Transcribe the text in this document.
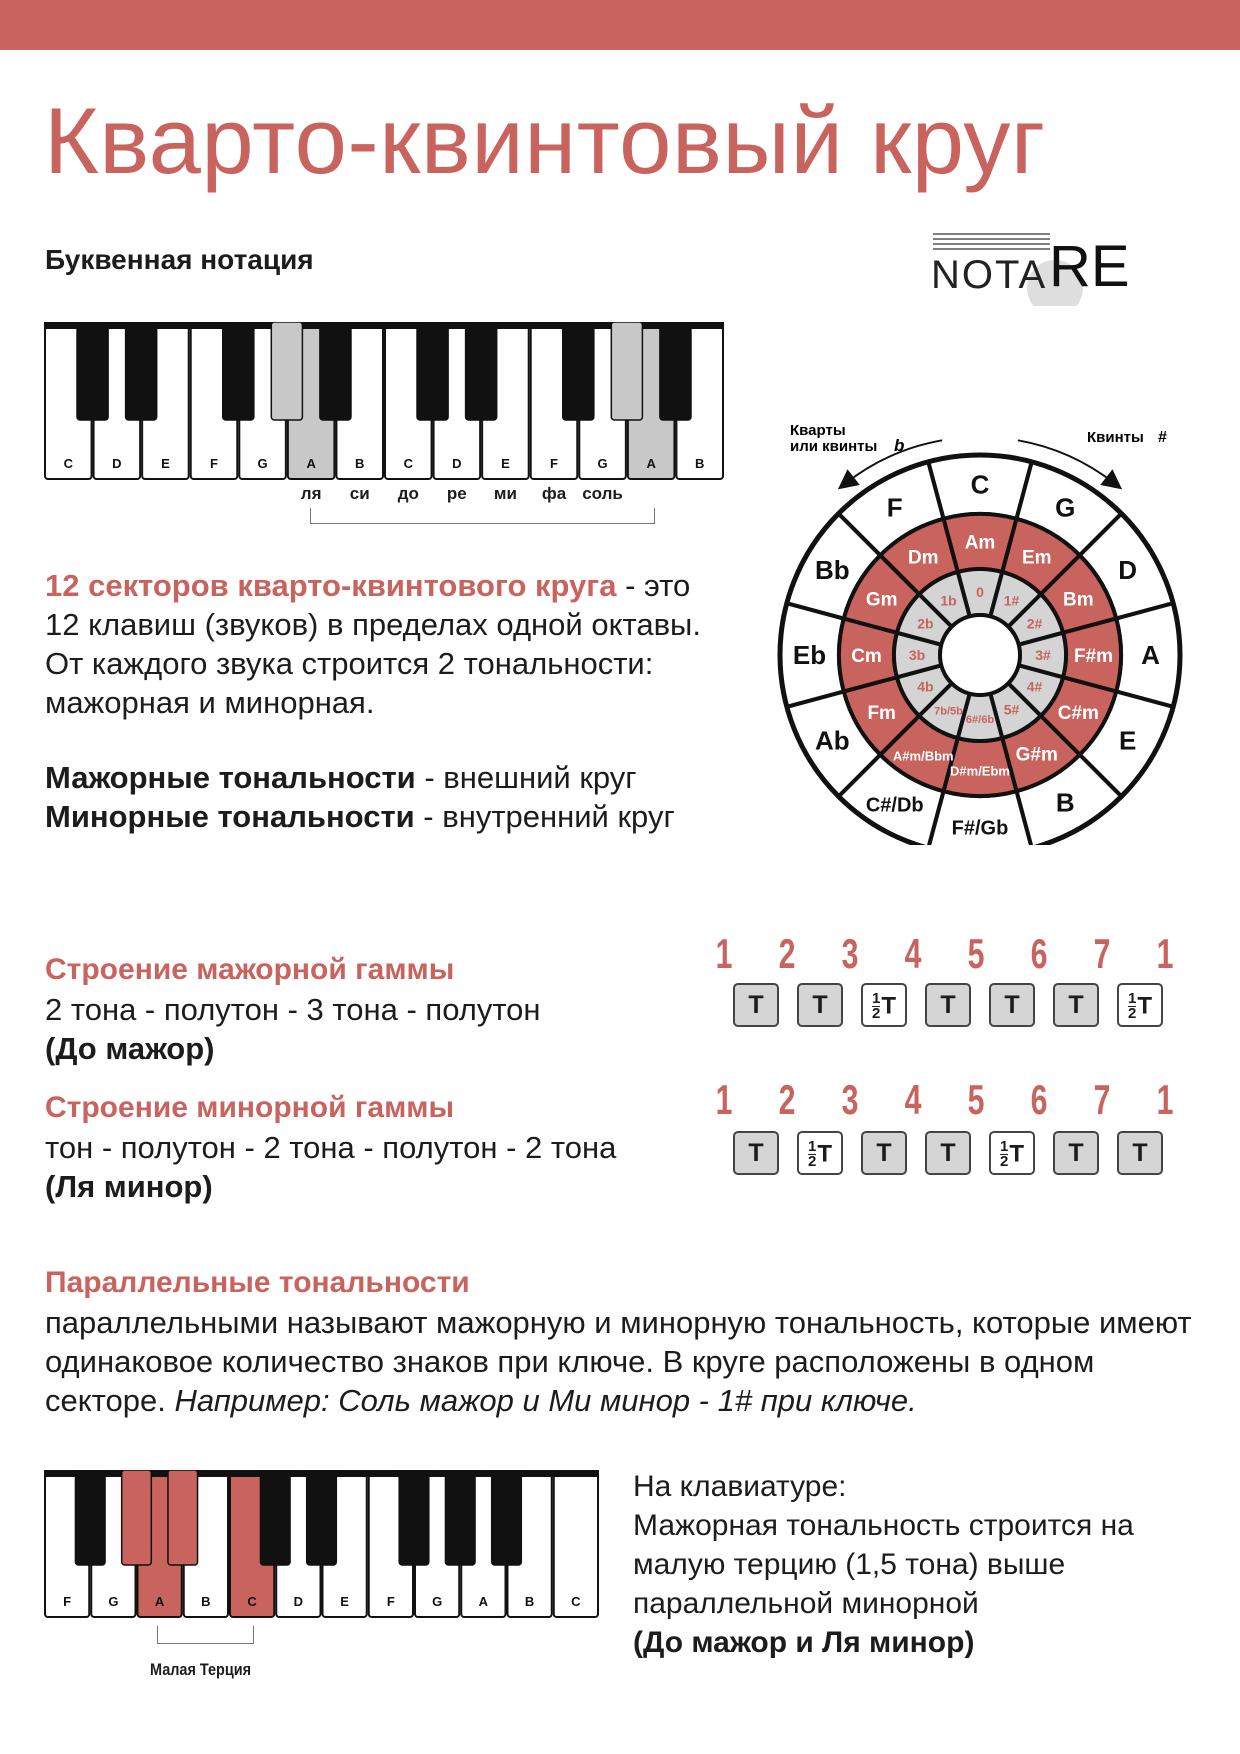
Кварто-квинтовый круг
Буквенная нотация	NOTA RE
C	D	E	F	G	A	B	C	D	E	F	G	A	B
ля	си	до	ре	ми	фа соль
12 секторов кварто-квинтового круга - это 12 клавиш (звуков) в пределах одной октавы. От каждого звука строится 2 тональности: мажорная и минорная.
Мажорные тональности - внешний круг
Минорные тональности - внутренний круг
Кварты
или квинты b	Квинты #
C
Am
0
G
Em
1#
D
Bm
2#
A
F#m
3#
E
C#m
4#
B
G#m
5#
F#/Gb
D#m/Ebm
6#/6b
C#/Db
A#m/Bbm
7b/5b
Ab
Fm
4b
Eb Cm 3b
Bb
Gm
2b
F
Dm
1b
Строение мажорной гаммы
2 тона - полутон - 3 тона - полутон
(До мажор)
1 2 3 4 5 6 7 1
T	T	$\frac{1}{2}$ T	T	T	T	$\frac{1}{2}$ T
Строение минорной гаммы
тон - полутон - 2 тона - полутон - 2 тона
(Ля минор)
1 2 3 4 5 6 7 1
T	$\frac{1}{2}$ T	T	T	$\frac{1}{2}$ T	T	T
Параллельные тональности
параллельными называют мажорную и минорную тональность, которые имеют одинаковое количество знаков при ключе. В круге расположены в одном секторе. Например: Соль мажор и Ми минор - 1# при ключе.
F	G	A	B	C	D	E	F	G	A	B	C
Малая Терция
На клавиатуре:
Мажорная тональность строится на малую терцию (1,5 тона) выше параллельной минорной
(До мажор и Ля минор)
